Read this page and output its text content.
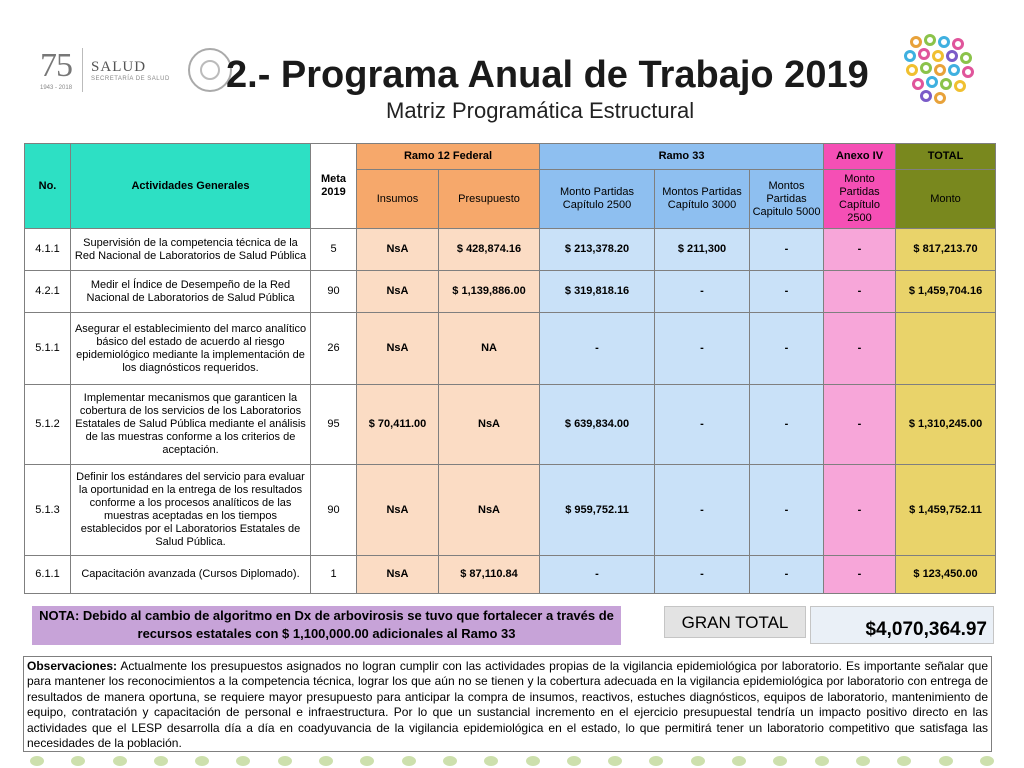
75
1943 - 2018
SALUD
SECRETARÍA DE SALUD 2.- Programa Anual de Trabajo 2019
Matriz Programática Estructural
No.	Actividades Generales	Meta 2019	Ramo 12 Federal		Ramo 33			Anexo IV	TOTAL
			Insumos	Presupuesto	Monto Partidas Capítulo 2500	Montos Partidas Capítulo 3000	Montos Partidas Capitulo 5000	Monto Partidas Capítulo 2500	Monto
4.1.1	Supervisión de la competencia técnica de la Red Nacional de Laboratorios de Salud Pública	5	NsA	$ 428,874.16	$ 213,378.20	$ 211,300	-	-	$ 817,213.70
4.2.1	Medir el Índice de Desempeño de la Red Nacional de Laboratorios de Salud Pública	90	NsA	$ 1,139,886.00	$ 319,818.16	-	-	-	$ 1,459,704.16
5.1.1	Asegurar el establecimiento del marco analítico básico del estado de acuerdo al riesgo epidemiológico mediante la implementación de los diagnósticos requeridos.	26	NsA	NA	-	-	-	-	
5.1.2	Implementar mecanismos que garanticen la cobertura de los servicios de los Laboratorios Estatales de Salud Pública mediante el análisis de las muestras conforme a los criterios de aceptación.	95	$ 70,411.00	NsA	$ 639,834.00	-	-	-	$ 1,310,245.00
5.1.3	Definir los estándares del servicio para evaluar la oportunidad en la entrega de los resultados conforme a los procesos analíticos de las muestras aceptadas en los tiempos establecidos por el Laboratorios Estatales de Salud Pública.	90	NsA	NsA	$ 959,752.11	-	-	-	$ 1,459,752.11
6.1.1	Capacitación avanzada (Cursos Diplomado).	1	NsA	$ 87,110.84	-	-	-	-	$ 123,450.00
NOTA: Debido al cambio de algoritmo en Dx de arbovirosis se tuvo que fortalecer a través de recursos estatales con $ 1,100,000.00 adicionales al Ramo 33
GRAN TOTAL	$4,070,364.97
Observaciones: Actualmente los presupuestos asignados no logran cumplir con las actividades propias de la vigilancia epidemiológica por laboratorio. Es importante señalar que para mantener los reconocimientos a la competencia técnica, lograr los que aún no se tienen y la cobertura adecuada en la vigilancia epidemiológica por laboratorio con entrega de resultados de manera oportuna, se requiere mayor presupuesto para anticipar la compra de insumos, reactivos, estuches diagnósticos, equipos de laboratorio, mantenimiento de equipo, contratación y capacitación de personal e infraestructura. Por lo que un sustancial incremento en el ejercicio presupuestal tendría un impacto positivo directo en las actividades que el LESP desarrolla día a día en coadyuvancia de la vigilancia epidemiológica en el estado, lo que permitirá tener un laboratorio competitivo que satisfaga las necesidades de la población.
